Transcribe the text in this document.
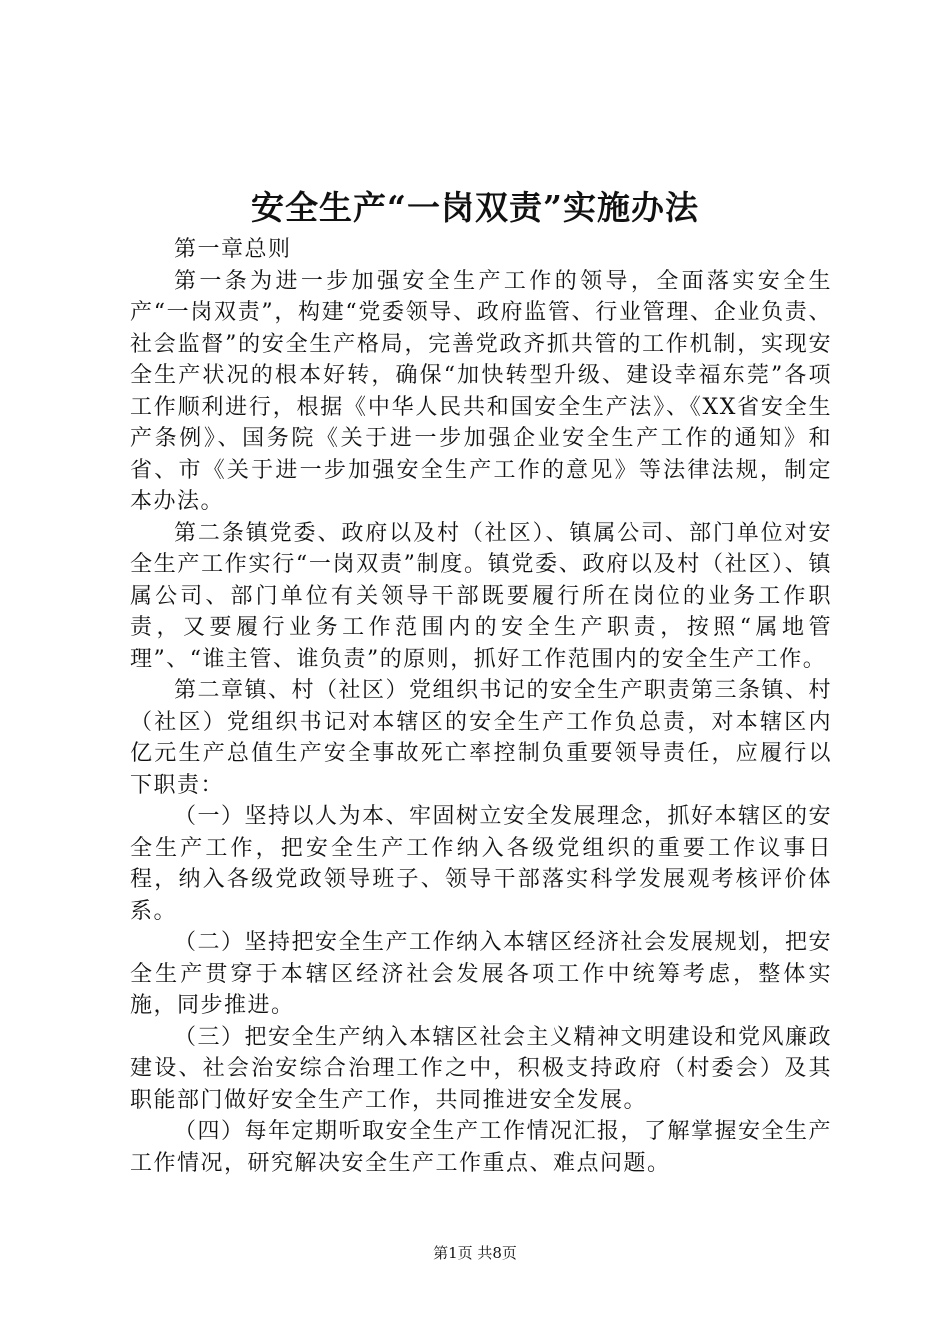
安全生产“一岗双责”实施办法

第一章总则

第一条为进一步加强安全生产工作的领导，全面落实安全生产“一岗双责”，构建“党委领导、政府监管、行业管理、企业负责、社会监督”的安全生产格局，完善党政齐抓共管的工作机制，实现安全生产状况的根本好转，确保“加快转型升级、建设幸福东莞”各项工作顺利进行，根据《中华人民共和国安全生产法》、《XX省安全生产条例》、国务院《关于进一步加强企业安全生产工作的通知》和省、市《关于进一步加强安全生产工作的意见》等法律法规，制定本办法。

第二条镇党委、政府以及村（社区）、镇属公司、部门单位对安全生产工作实行“一岗双责”制度。镇党委、政府以及村（社区）、镇属公司、部门单位有关领导干部既要履行所在岗位的业务工作职责，又要履行业务工作范围内的安全生产职责，按照“属地管理”、“谁主管、谁负责”的原则，抓好工作范围内的安全生产工作。

第二章镇、村（社区）党组织书记的安全生产职责第三条镇、村（社区）党组织书记对本辖区的安全生产工作负总责，对本辖区内亿元生产总值生产安全事故死亡率控制负重要领导责任，应履行以下职责：

（一）坚持以人为本、牢固树立安全发展理念，抓好本辖区的安全生产工作，把安全生产工作纳入各级党组织的重要工作议事日程，纳入各级党政领导班子、领导干部落实科学发展观考核评价体系。

（二）坚持把安全生产工作纳入本辖区经济社会发展规划，把安全生产贯穿于本辖区经济社会发展各项工作中统筹考虑，整体实施，同步推进。

（三）把安全生产纳入本辖区社会主义精神文明建设和党风廉政建设、社会治安综合治理工作之中，积极支持政府（村委会）及其职能部门做好安全生产工作，共同推进安全发展。

（四）每年定期听取安全生产工作情况汇报，了解掌握安全生产工作情况，研究解决安全生产工作重点、难点问题。

第1页 共8页
